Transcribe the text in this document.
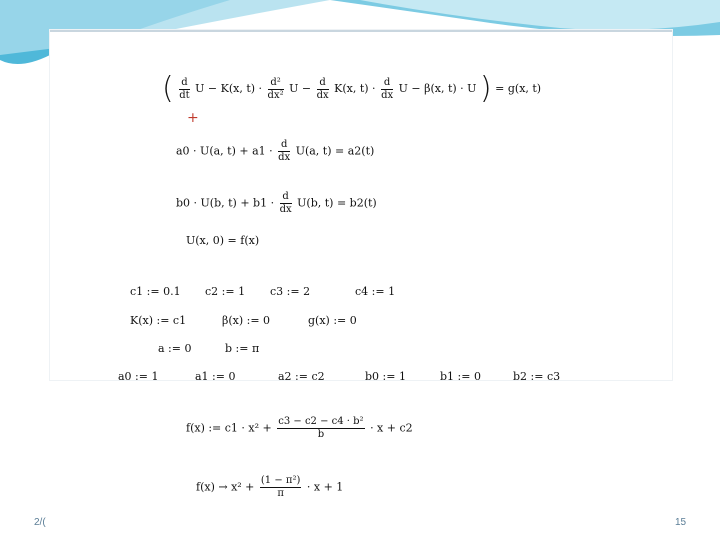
( $\frac{d}{dt}$ U − K(x, $t) \cdot \frac{\text{d²}}{\text{dx²}}$ $U - \frac{d}{dx} K(x$, $t) \cdot \frac{d}{dx}$ U − β(x, t) · U ) = g(x, t)
+
a0 · U(a, $t) + a1 \cdot \frac{d}{dx} U(a$, t) = a2(t)
b0 · U(b, $t) + b1 \cdot \frac{d}{dx} U(b$, t) = b2(t)
U(x, 0) = f(x)
c1 := 0.1 c2 := 1 c3 := 2	c4 := 1
K(x) := c1	β(x) := 0	g(x) := 0
a := 0	b := π
a0 := 1	a1 := 0	a2 := c2	b0 := 1	b1 := 0	b2 := c3
f(x) := $c1 \cdot x^2 + \frac{\text{c3 − c2 − c4 · b²}}{b} \cdot x + c2$
$f(x) \to x^2 + \frac{\text{(1 − π²)}}{\pi} \cdot x + 1$
2/(	15
